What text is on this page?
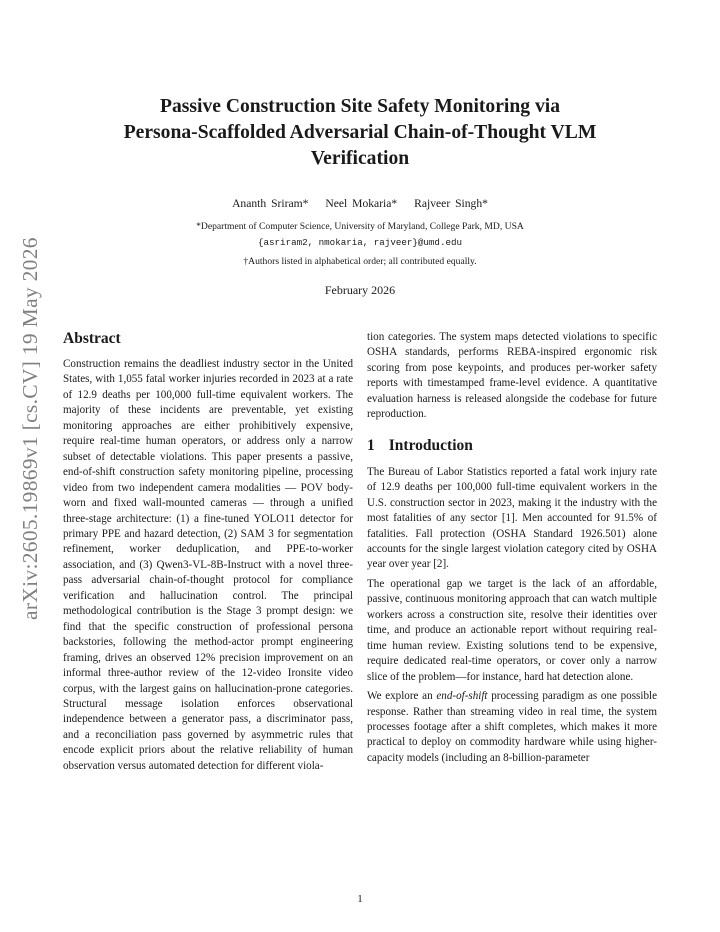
arXiv:2605.19869v1 [cs.CV] 19 May 2026
Passive Construction Site Safety Monitoring via
Persona-Scaffolded Adversarial Chain-of-Thought VLM
Verification
Ananth Sriram* Neel Mokaria* Rajveer Singh*
*Department of Computer Science, University of Maryland, College Park, MD, USA
{asriram2, nmokaria, rajveer}@umd.edu
†Authors listed in alphabetical order; all contributed equally.
February 2026
Abstract

Construction remains the deadliest industry sector in the United States, with 1,055 fatal worker injuries recorded in 2023 at a rate of 12.9 deaths per 100,000 full-time equivalent workers. The majority of these incidents are preventable, yet existing monitoring approaches are either prohibitively expensive, require real-time human operators, or address only a narrow subset of detectable violations. This paper presents a passive, end-of-shift construction safety monitoring pipeline, processing video from two independent camera modalities — POV body-worn and fixed wall-mounted cameras — through a unified three-stage architecture: (1) a fine-tuned YOLO11 detector for primary PPE and hazard detection, (2) SAM 3 for segmentation refinement, worker deduplication, and PPE-to-worker association, and (3) Qwen3-VL-8B-Instruct with a novel three-pass adversarial chain-of-thought protocol for compliance verification and hallucination control. The principal methodological contribution is the Stage 3 prompt design: we find that the specific construction of professional persona backstories, following the method-actor prompt engineering framing, drives an observed 12% precision improvement on an informal three-author review of the 12-video Ironsite video corpus, with the largest gains on hallucination-prone categories. Structural message isolation enforces observational independence between a generator pass, a discriminator pass, and a reconciliation pass governed by asymmetric rules that encode explicit priors about the relative reliability of human observation versus automated detection for different viola-

tion categories. The system maps detected violations to specific OSHA standards, performs REBA-inspired ergonomic risk scoring from pose keypoints, and produces per-worker safety reports with timestamped frame-level evidence. A quantitative evaluation harness is released alongside the codebase for future reproduction.

1 Introduction

The Bureau of Labor Statistics reported a fatal work injury rate of 12.9 deaths per 100,000 full-time equivalent workers in the U.S. construction sector in 2023, making it the industry with the most fatalities of any sector [1]. Men accounted for 91.5% of fatalities. Fall protection (OSHA Standard 1926.501) alone accounts for the single largest violation category cited by OSHA year over year [2].

The operational gap we target is the lack of an affordable, passive, continuous monitoring approach that can watch multiple workers across a construction site, resolve their identities over time, and produce an actionable report without requiring real-time human review. Existing solutions tend to be expensive, require dedicated real-time operators, or cover only a narrow slice of the problem—for instance, hard hat detection alone.

We explore an end-of-shift processing paradigm as one possible response. Rather than streaming video in real time, the system processes footage after a shift completes, which makes it more practical to deploy on commodity hardware while using higher-capacity models (including an 8-billion-parameter

1
